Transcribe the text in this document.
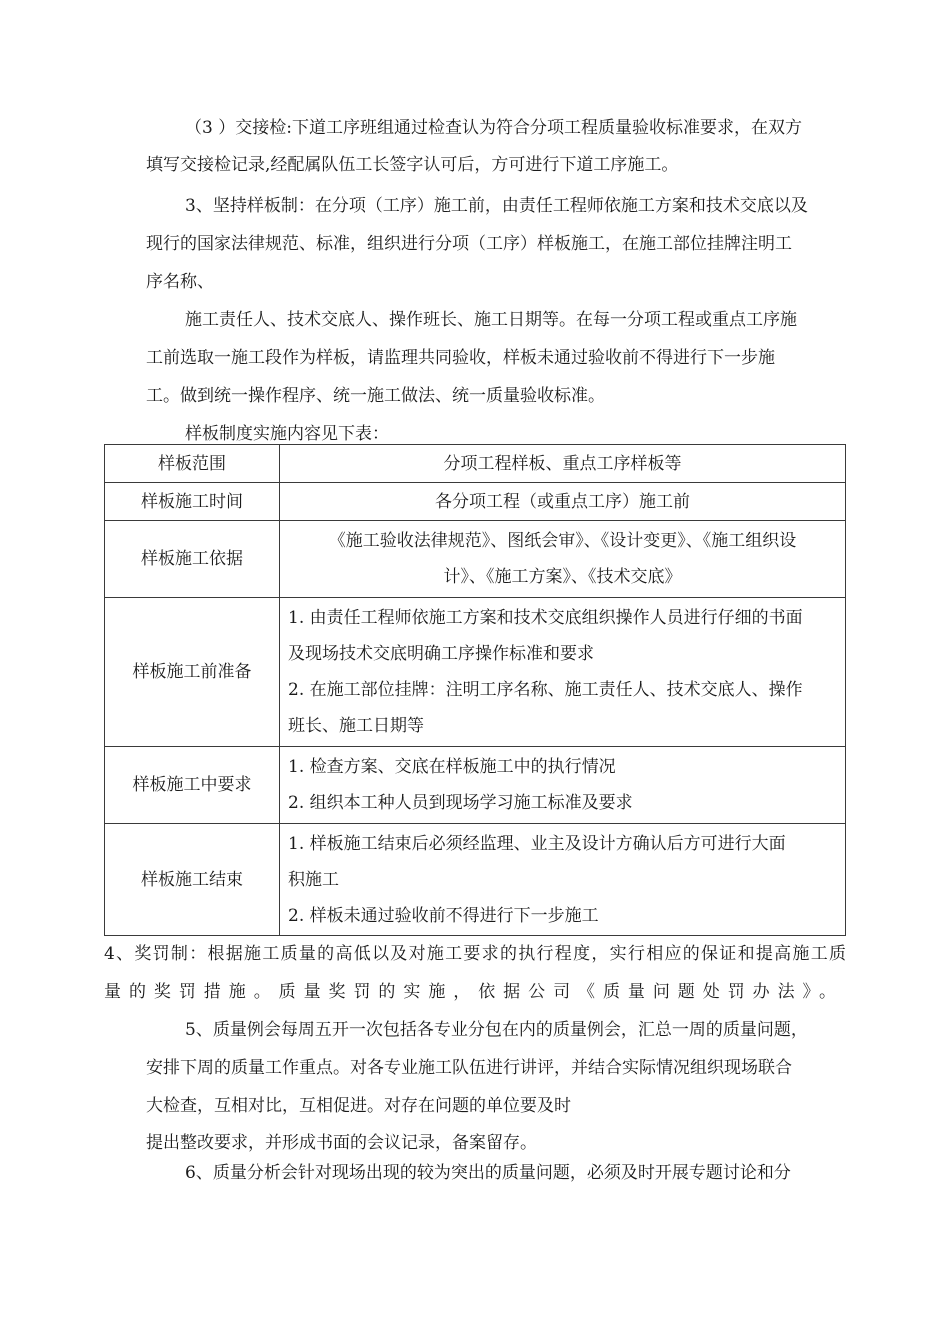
（3 ）交接检:下道工序班组通过检查认为符合分项工程质量验收标准要求，在双方
填写交接检记录,经配属队伍工长签字认可后，方可进行下道工序施工。
3、坚持样板制：在分项（工序）施工前，由责任工程师依施工方案和技术交底以及
现行的国家法律规范、标准，组织进行分项（工序）样板施工，在施工部位挂牌注明工
序名称、
施工责任人、技术交底人、操作班长、施工日期等。在每一分项工程或重点工序施
工前选取一施工段作为样板，请监理共同验收，样板未通过验收前不得进行下一步施
工。做到统一操作程序、统一施工做法、统一质量验收标准。
样板制度实施内容见下表：
样板范围	分项工程样板、重点工序样板等

样板施工时间	各分项工程（或重点工序）施工前

样板施工依据	《施工验收法律规范》、图纸会审》、《设计变更》、《施工组织设
计》、《施工方案》、《技术交底》

样板施工前准备	1. 由责任工程师依施工方案和技术交底组织操作人员进行仔细的书面
及现场技术交底明确工序操作标准和要求
2. 在施工部位挂牌：注明工序名称、施工责任人、技术交底人、操作
班长、施工日期等

样板施工中要求	1. 检查方案、交底在样板施工中的执行情况
2. 组织本工种人员到现场学习施工标准及要求

样板施工结束	1. 样板施工结束后必须经监理、业主及设计方确认后方可进行大面
积施工
2. 样板未通过验收前不得进行下一步施工
4、奖罚制：根据施工质量的高低以及对施工要求的执行程度，实行相应的保证和提高施工质
量的奖罚措施。质量奖罚的实施，依据公司《质量问题处罚办法》。
5、质量例会每周五开一次包括各专业分包在内的质量例会，汇总一周的质量问题，
安排下周的质量工作重点。对各专业施工队伍进行讲评，并结合实际情况组织现场联合
大检查，互相对比，互相促进。对存在问题的单位要及时
提出整改要求，并形成书面的会议记录，备案留存。
6、质量分析会针对现场出现的较为突出的质量问题，必须及时开展专题讨论和分
